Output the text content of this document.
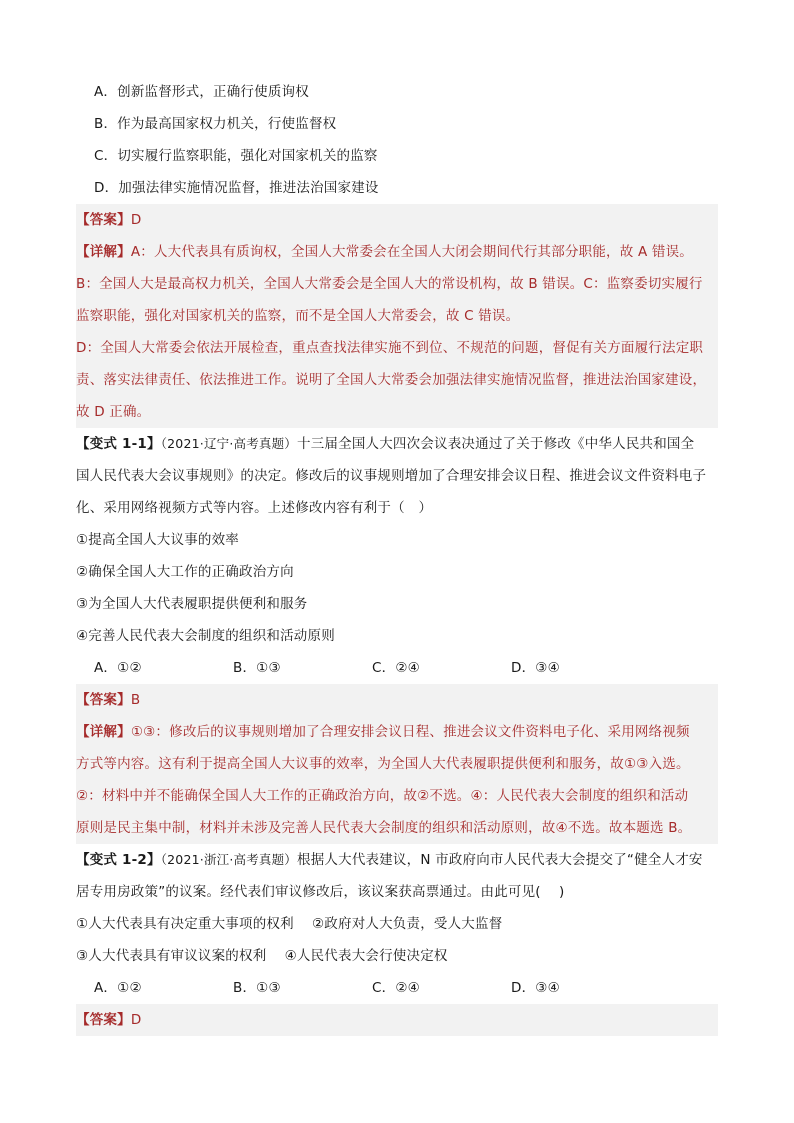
A．创新监督形式，正确行使质询权
B．作为最高国家权力机关，行使监督权
C．切实履行监察职能，强化对国家机关的监察
D．加强法律实施情况监督，推进法治国家建设
【答案】D
【详解】A：人大代表具有质询权，全国人大常委会在全国人大闭会期间代行其部分职能，故 A 错误。
B：全国人大是最高权力机关，全国人大常委会是全国人大的常设机构，故 B 错误。C：监察委切实履行
监察职能，强化对国家机关的监察，而不是全国人大常委会，故 C 错误。
D：全国人大常委会依法开展检查，重点查找法律实施不到位、不规范的问题，督促有关方面履行法定职
责、落实法律责任、依法推进工作。说明了全国人大常委会加强法律实施情况监督，推进法治国家建设，
故 D 正确。
【变式 1-1】（2021·辽宁·高考真题）十三届全国人大四次会议表决通过了关于修改《中华人民共和国全
国人民代表大会议事规则》的决定。修改后的议事规则增加了合理安排会议日程、推进会议文件资料电子
化、采用网络视频方式等内容。上述修改内容有利于（　）
①提高全国人大议事的效率
②确保全国人大工作的正确政治方向
③为全国人大代表履职提供便利和服务
④完善人民代表大会制度的组织和活动原则
A．①②	B．①③	C．②④	D．③④
【答案】B
【详解】①③：修改后的议事规则增加了合理安排会议日程、推进会议文件资料电子化、采用网络视频
方式等内容。这有利于提高全国人大议事的效率，为全国人大代表履职提供便利和服务，故①③入选。
②：材料中并不能确保全国人大工作的正确政治方向，故②不选。④：人民代表大会制度的组织和活动
原则是民主集中制，材料并未涉及完善人民代表大会制度的组织和活动原则，故④不选。故本题选 B。
【变式 1-2】（2021·浙江·高考真题）根据人大代表建议，N 市政府向市人民代表大会提交了“健全人才安
居专用房政策”的议案。经代表们审议修改后，该议案获高票通过。由此可见(　 )
①人大代表具有决定重大事项的权利　 ②政府对人大负责，受人大监督
③人大代表具有审议议案的权利　 ④人民代表大会行使决定权
A．①②	B．①③	C．②④	D．③④
【答案】D
